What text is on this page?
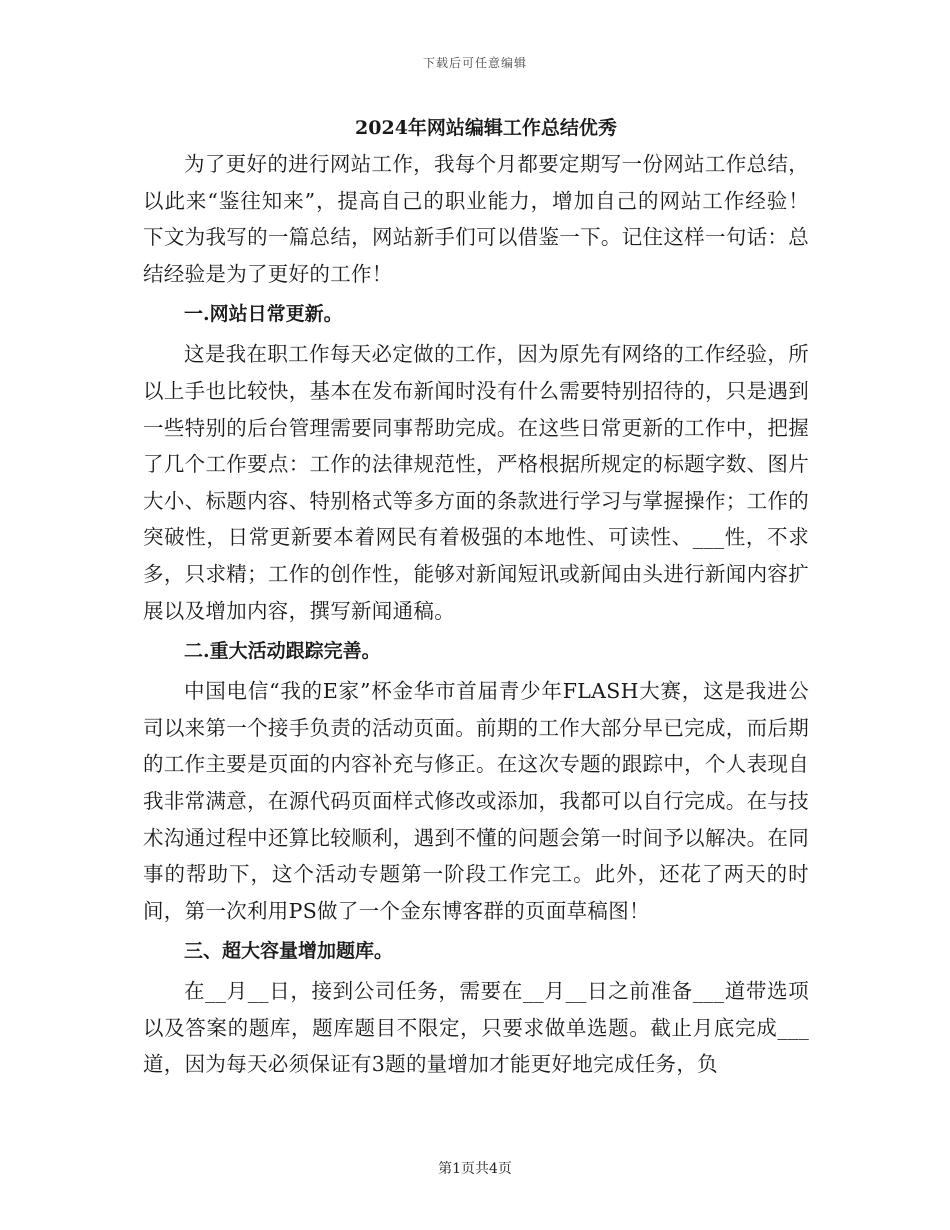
下载后可任意编辑
2024年网站编辑工作总结优秀

为了更好的进行网站工作，我每个月都要定期写一份网站工作总结，以此来“鉴往知来”，提高自己的职业能力，增加自己的网站工作经验！下文为我写的一篇总结，网站新手们可以借鉴一下。记住这样一句话：总结经验是为了更好的工作！

一.网站日常更新。

这是我在职工作每天必定做的工作，因为原先有网络的工作经验，所以上手也比较快，基本在发布新闻时没有什么需要特别招待的，只是遇到一些特别的后台管理需要同事帮助完成。在这些日常更新的工作中，把握了几个工作要点：工作的法律规范性，严格根据所规定的标题字数、图片大小、标题内容、特别格式等多方面的条款进行学习与掌握操作；工作的突破性，日常更新要本着网民有着极强的本地性、可读性、___性，不求多，只求精；工作的创作性，能够对新闻短讯或新闻由头进行新闻内容扩展以及增加内容，撰写新闻通稿。

二.重大活动跟踪完善。

中国电信“我的E家”杯金华市首届青少年FLASH大赛，这是我进公司以来第一个接手负责的活动页面。前期的工作大部分早已完成，而后期的工作主要是页面的内容补充与修正。在这次专题的跟踪中，个人表现自我非常满意，在源代码页面样式修改或添加，我都可以自行完成。在与技术沟通过程中还算比较顺利，遇到不懂的问题会第一时间予以解决。在同事的帮助下，这个活动专题第一阶段工作完工。此外，还花了两天的时间，第一次利用PS做了一个金东博客群的页面草稿图！

三、超大容量增加题库。

在__月__日，接到公司任务，需要在__月__日之前准备___道带选项以及答案的题库，题库题目不限定，只要求做单选题。截止月底完成___道，因为每天必须保证有3题的量增加才能更好地完成任务，负

第1页共4页
